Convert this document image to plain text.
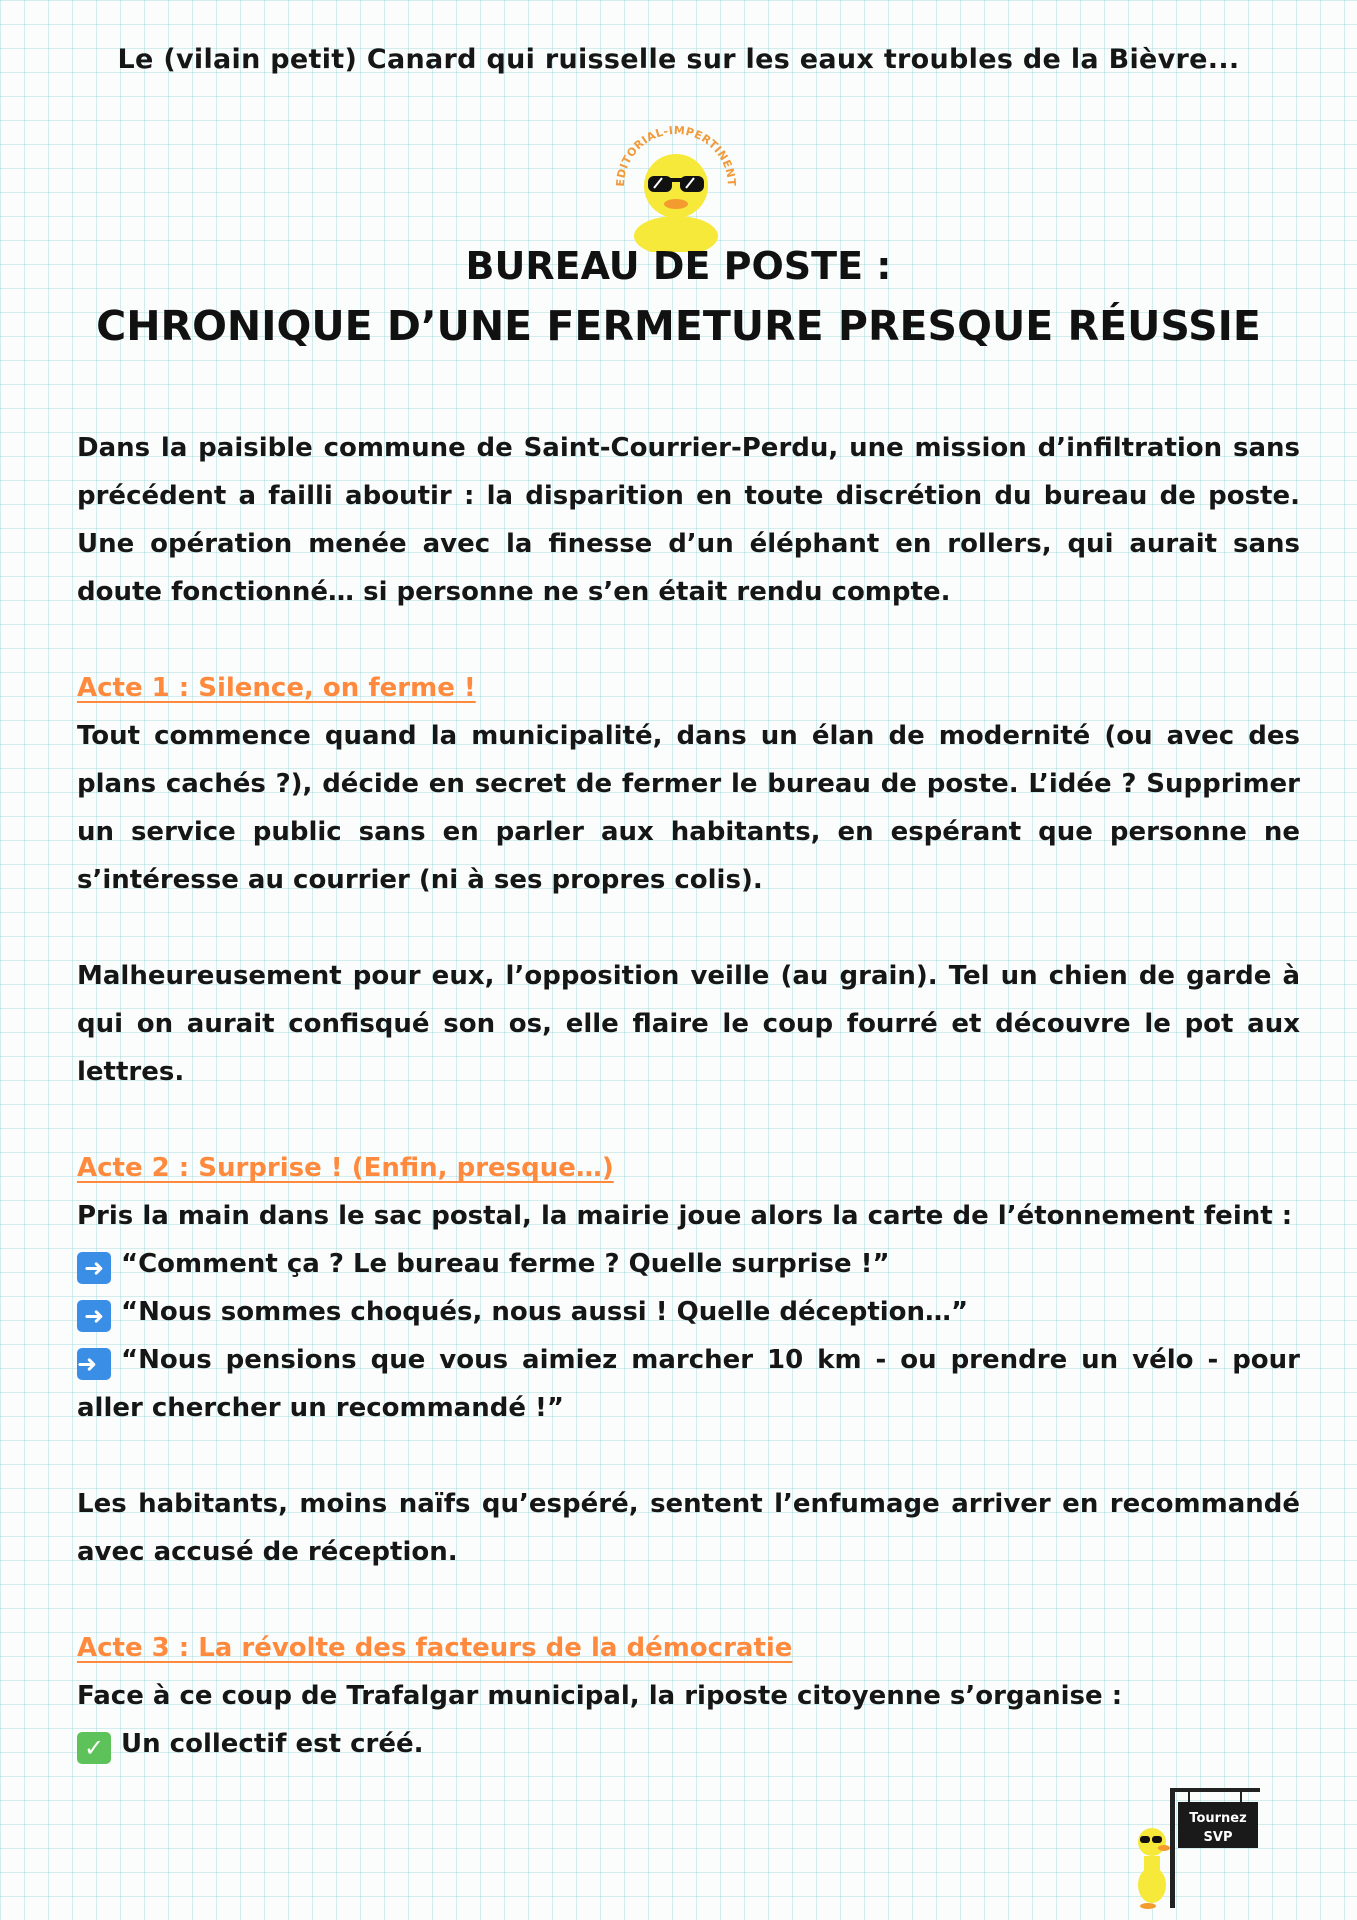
Le (vilain petit) Canard qui ruisselle sur les eaux troubles de la Bièvre...
EDITORIAL-IMPERTINENT
BUREAU DE POSTE :
CHRONIQUE D’UNE FERMETURE PRESQUE RÉUSSIE

Dans la paisible commune de Saint-Courrier-Perdu, une mission d’infiltration sans précédent a failli aboutir : la disparition en toute discrétion du bureau de poste. Une opération menée avec la finesse d’un éléphant en rollers, qui aurait sans doute fonctionné… si personne ne s’en était rendu compte.

Acte 1 : Silence, on ferme !

Tout commence quand la municipalité, dans un élan de modernité (ou avec des plans cachés ?), décide en secret de fermer le bureau de poste. L’idée ? Supprimer un service public sans en parler aux habitants, en espérant que personne ne s’intéresse au courrier (ni à ses propres colis).

Malheureusement pour eux, l’opposition veille (au grain). Tel un chien de garde à qui on aurait confisqué son os, elle flaire le coup fourré et découvre le pot aux lettres.

Acte 2 : Surprise ! (Enfin, presque…)

Pris la main dans le sac postal, la mairie joue alors la carte de l’étonnement feint :

➜ “Comment ça ? Le bureau ferme ? Quelle surprise !”

➜ “Nous sommes choqués, nous aussi ! Quelle déception…”

➜ “Nous pensions que vous aimiez marcher 10 km - ou prendre un vélo - pour aller chercher un recommandé !”

Les habitants, moins naïfs qu’espéré, sentent l’enfumage arriver en recommandé avec accusé de réception.

Acte 3 : La révolte des facteurs de la démocratie

Face à ce coup de Trafalgar municipal, la riposte citoyenne s’organise :

✓ Un collectif est créé.

Tournez
SVP
